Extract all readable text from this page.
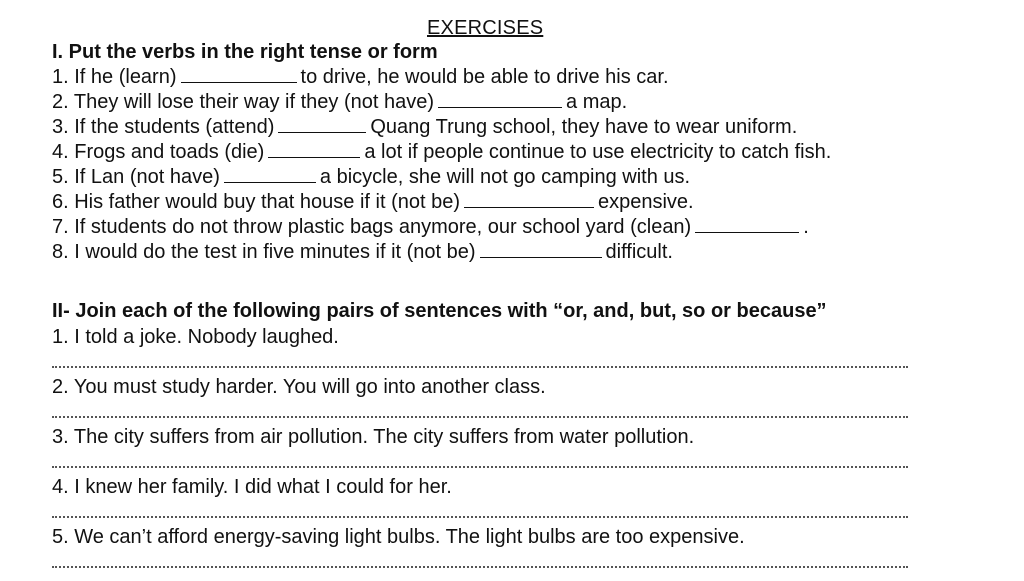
EXERCISES
I. Put the verbs in the right tense or form
1. If he (learn)	to drive, he would be able to drive his car.
2. They will lose their way if they (not have)	a map.
3. If the students (attend)	Quang Trung school, they have to wear uniform.
4. Frogs and toads (die)	a lot if people continue to use electricity to catch fish.
5. If Lan (not have)	a bicycle, she will not go camping with us.
6. His father would buy that house if it (not be)	expensive.
7. If students do not throw plastic bags anymore, our school yard (clean)	.
8. I would do the test in five minutes if it (not be)	difficult.
II- Join each of the following pairs of sentences with “or, and, but, so or because”
1. I told a joke. Nobody laughed.
2. You must study harder. You will go into another class.
3. The city suffers from air pollution. The city suffers from water pollution.
4. I knew her family. I did what I could for her.
5. We can’t afford energy-saving light bulbs. The light bulbs are too expensive.
